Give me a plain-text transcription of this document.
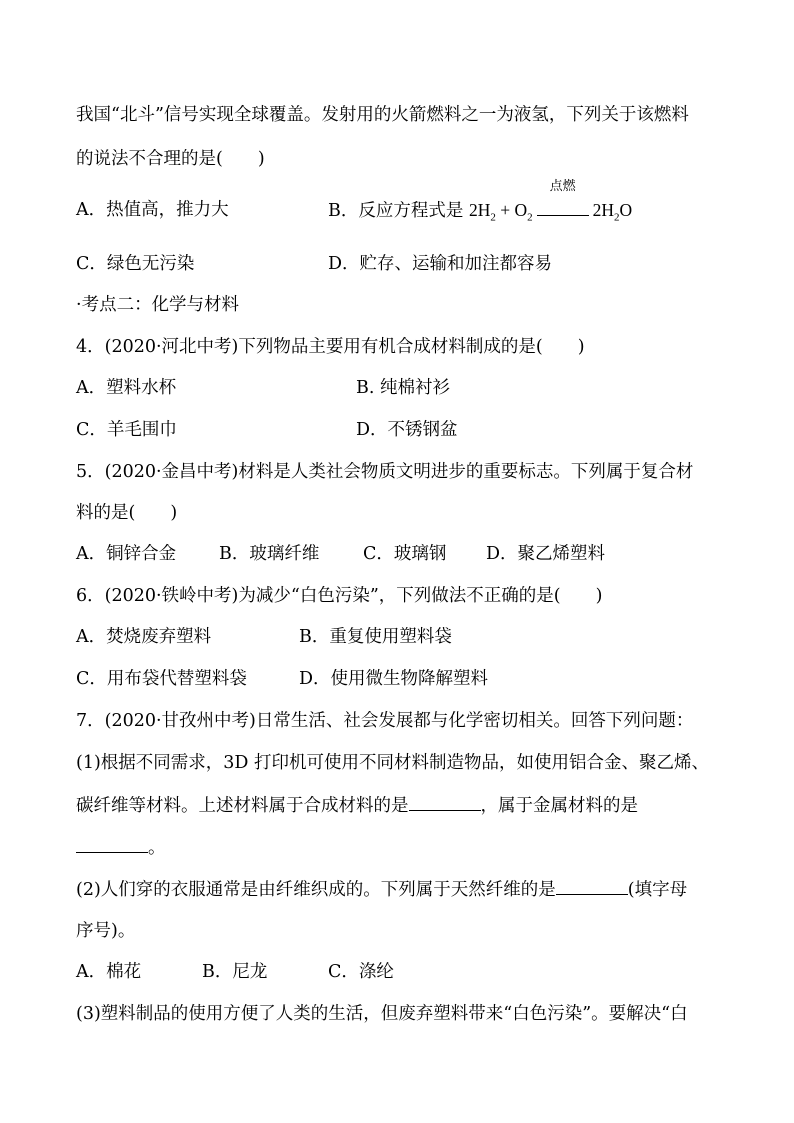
我国“北斗”信号实现全球覆盖。发射用的火箭燃料之一为液氢，下列关于该燃料
的说法不合理的是(　　)
A．热值高，推力大	B．反应方程式是 $2H_2 + O_2$
点燃
$2H_2O$
C．绿色无污染	D．贮存、运输和加注都容易
·考点二：化学与材料
4．(2020·河北中考)下列物品主要用有机合成材料制成的是(　　)
A．塑料水杯	B. 纯棉衬衫
C．羊毛围巾	D．不锈钢盆
5．(2020·金昌中考)材料是人类社会物质文明进步的重要标志。下列属于复合材
料的是(　　)
A．铜锌合金 B．玻璃纤维 C．玻璃钢 D．聚乙烯塑料
6．(2020·铁岭中考)为减少“白色污染”，下列做法不正确的是(　　)
A．焚烧废弃塑料	B．重复使用塑料袋
C．用布袋代替塑料袋	D．使用微生物降解塑料
7．(2020·甘孜州中考)日常生活、社会发展都与化学密切相关。回答下列问题：
(1)根据不同需求，3D 打印机可使用不同材料制造物品，如使用铝合金、聚乙烯、
碳纤维等材料。上述材料属于合成材料的是	，属于金属材料的是
。
(2)人们穿的衣服通常是由纤维织成的。下列属于天然纤维的是	(填字母
序号)。
A．棉花	B．尼龙	C．涤纶
(3)塑料制品的使用方便了人类的生活，但废弃塑料带来“白色污染”。要解决“白
